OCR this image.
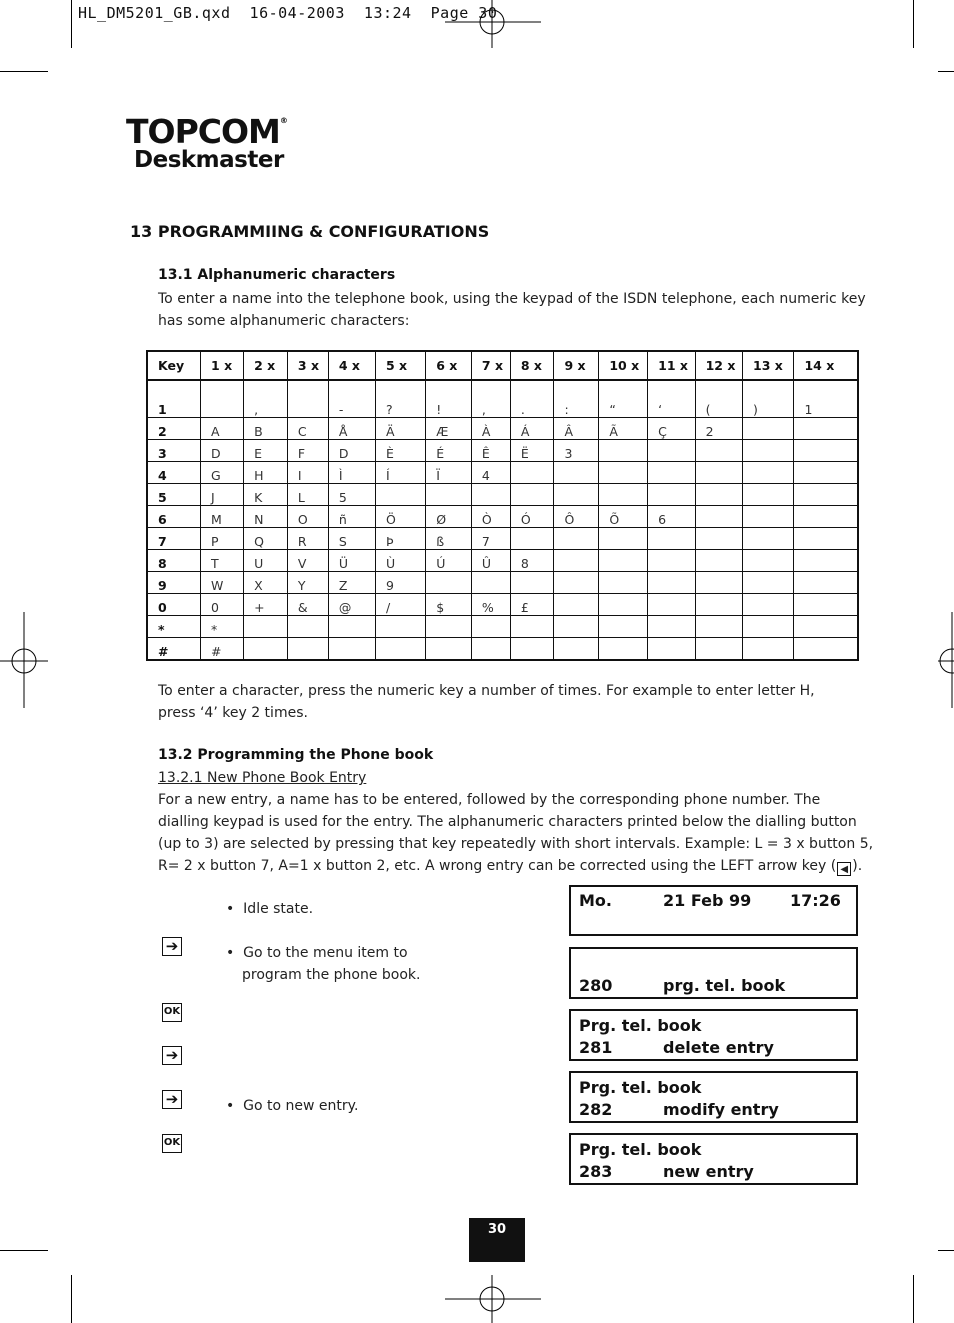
HL_DM5201_GB.qxd  16-04-2003  13:24  Page 30
TOPCOM®
Deskmaster
13 PROGRAMMIING & CONFIGURATIONS
13.1 Alphanumeric characters
To enter a name into the telephone book, using the keypad of the ISDN telephone, each numeric key
has some alphanumeric characters:
Key	1 x	2 x	3 x	4 x	5 x	6 x	7 x	8 x	9 x	10 x	11 x	12 x	13 x	14 x
1		,		-	?	!	,	.	:	“	‘	(	)	1
2	A	B	C	Å	Ä	Æ	À	Á	Â	Ã	Ç	2		
3	D	E	F	D	È	É	Ê	Ë	3					
4	G	H	I	Ì	Í	Ï	4							
5	J	K	L	5										
6	M	N	O	ñ	Ö	Ø	Ò	Ó	Ô	Õ	6			
7	P	Q	R	S	Þ	ß	7							
8	T	U	V	Ü	Ù	Ú	Û	8						
9	W	X	Y	Z	9									
0	0	+	&	@	/	$	%	£						
*	*													
#	#													
To enter a character, press the numeric key a number of times. For example to enter letter H,
press ‘4’ key 2 times.
13.2 Programming the Phone book
13.2.1 New Phone Book Entry
For a new entry, a name has to be entered, followed by the corresponding phone number. The
dialling keypad is used for the entry. The alphanumeric characters printed below the dialling button
(up to 3) are selected by pressing that key repeatedly with short intervals. Example: L = 3 x button 5,
R= 2 x button 7, A=1 x button 2, etc. A wrong entry can be corrected using the LEFT arrow key ( ◀ ).
➔
OK
➔
➔
OK
•  Idle state.
•  Go to the menu item to
program the phone book.
•  Go to new entry.
Mo.	21 Feb 99 17:26
280	prg. tel. book
Prg. tel. book
281	delete entry
Prg. tel. book
282	modify entry
Prg. tel. book
283	new entry
30
